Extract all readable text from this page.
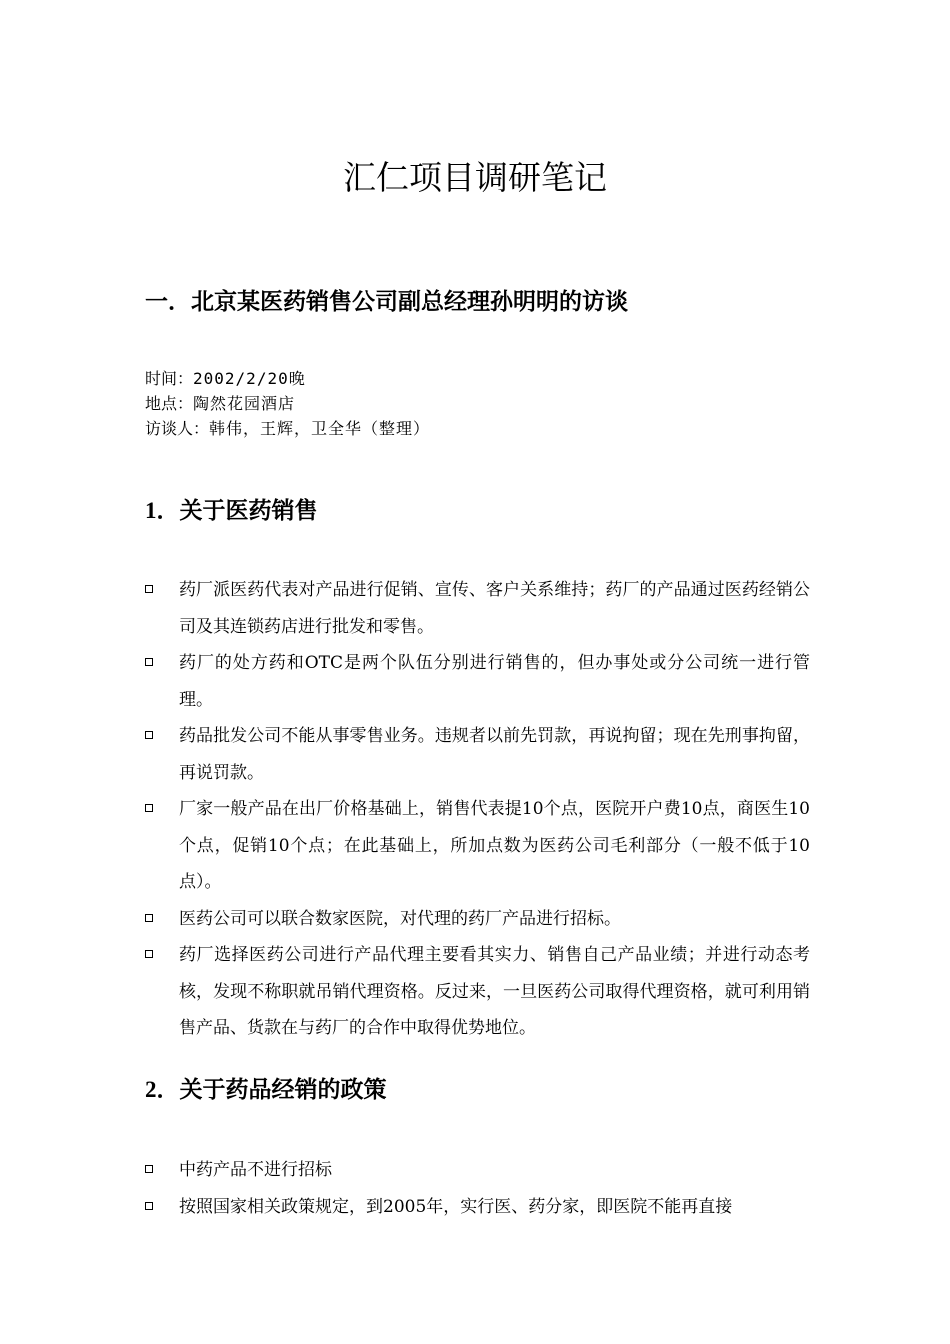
汇仁项目调研笔记
一．北京某医药销售公司副总经理孙明明的访谈
时间：2002/2/20晚
地点：陶然花园酒店
访谈人：韩伟，王辉，卫全华（整理）
1．关于医药销售
药厂派医药代表对产品进行促销、宣传、客户关系维持；药厂的产品通过医药经销公司及其连锁药店进行批发和零售。
药厂的处方药和OTC是两个队伍分别进行销售的，但办事处或分公司统一进行管理。
药品批发公司不能从事零售业务。违规者以前先罚款，再说拘留；现在先刑事拘留，再说罚款。
厂家一般产品在出厂价格基础上，销售代表提10个点，医院开户费10点，商医生10个点，促销10个点；在此基础上，所加点数为医药公司毛利部分（一般不低于10点）。
医药公司可以联合数家医院，对代理的药厂产品进行招标。
药厂选择医药公司进行产品代理主要看其实力、销售自己产品业绩；并进行动态考核，发现不称职就吊销代理资格。反过来，一旦医药公司取得代理资格，就可利用销售产品、货款在与药厂的合作中取得优势地位。
2．关于药品经销的政策
中药产品不进行招标
按照国家相关政策规定，到2005年，实行医、药分家，即医院不能再直接
